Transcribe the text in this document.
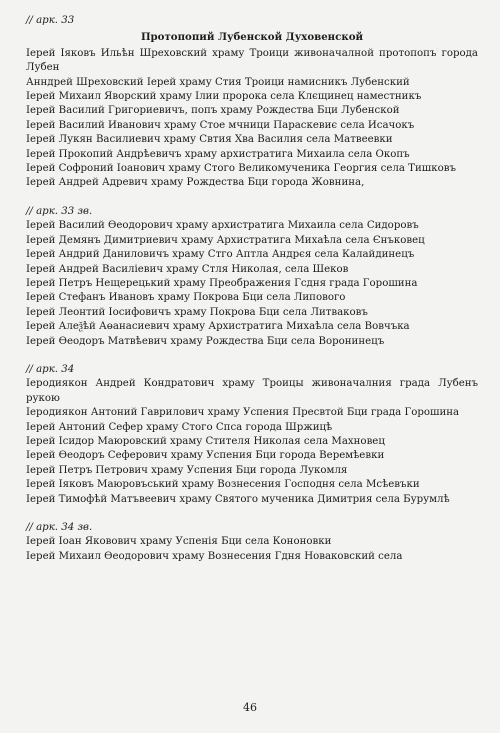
// арк. 33

Протопопий Лубенской Духовенской

Іерей Іяковъ Ильѣн Шреховский храму Троици живоначалной протопопъ города Лубен

Анндрей Шреховский Іерей храму Стия Троици намисникъ Лубенский

Іерей Михаил Яворский храму Ілии пророка села Клєщинец наместникъ

Іерей Василий Григориевичъ, попъ храму Рождества Бци Лубенской

Іерей Василий Иванович храму Стое мчници Параскевиє села Исачокъ

Іерей Лукян Василиевич храму Свтия Хва Василия села Матвеевки

Іерей Прокопий Андрѣевичъ храму архистратига Михаила села Окопъ

Іерей Софроний Іоанович храму Стого Великомученика Георгия села Тишковъ

Іерей Андрей Адревич храму Рождества Бци города Жовнина,

// арк. 33 зв.

Іерей Василий Өеодорович храму архистратига Михаила села Сидоровъ

Іерей Демянъ Димитриевич храму Архистратига Михаѣла села Єнъковец

Іерей Андрий Даниловичъ храму Стго Аптла Андрєя села Калайдинецъ

Іерей Андрей Василіевич храму Стля Николая, села Шеков

Іерей Петръ Нещерецький храму Преображения Гсдня града Горошина

Іерей Стефанъ Ивановъ храму Покрова Бци села Липового

Іерей Леонтий Іосифовичъ храму Покрова Бци села Литваковъ

Іерей Алеѯѣй Аөанасиевич храму Архистратига Михаѣла села Вовчъка

Іерей Өеодоръ Матвѣевич храму Рождества Бци села Воронинецъ

// арк. 34

Іеродиякон Андрей Кондратович храму Троицы живоначалния града Лубенъ рукою

Іеродиякон Антоний Гаврилович храму Успения Пресвтой Бци града Горошина

Іерей Антоний Сефер храму Стого Спса города Шржицѣ

Іерей Ісидор Маюровский храму Стителя Николая села Махновец

Іерей Өеодоръ Сеферович храму Успения Бци города Веремѣевки

Іерей Петръ Петрович храму Успения Бци города Лукомля

Іерей Іяковъ Маюровъський храму Вознесения Господня села Мсѣевъки

Іерей Тимофѣй Матъвеевич храму Святого мученика Димитрия села Бурумлѣ

// арк. 34 зв.

Іерей Іоан Яковович храму Успенія Бци села Кононовки

Іерей Михаил Өеодорович храму Вознесения Гдня Новаковский села

46
